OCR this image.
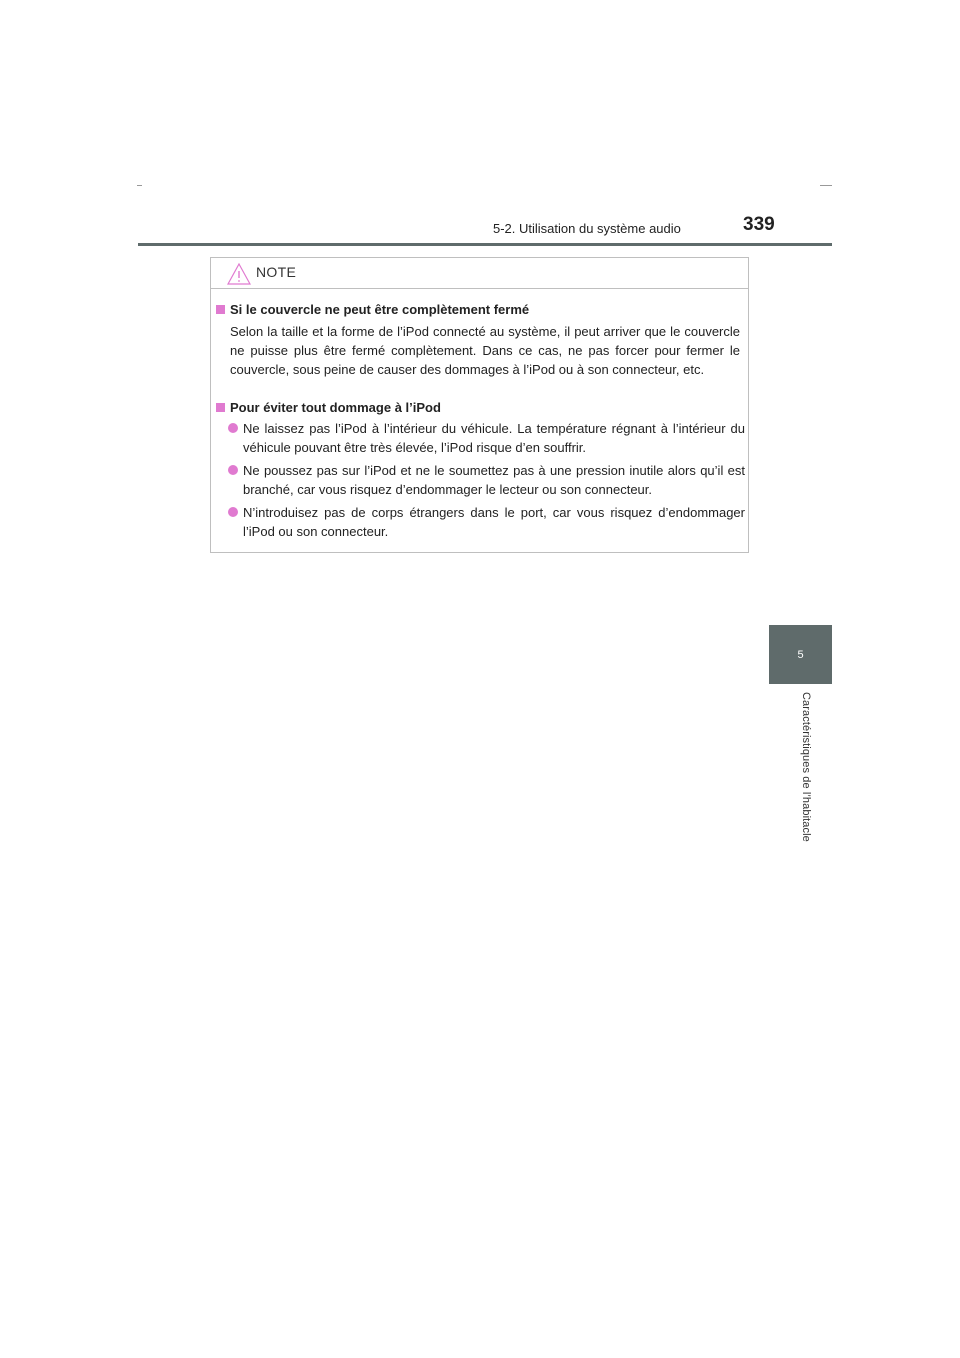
5-2. Utilisation du système audio	339
5
Caractéristiques de l’habitacle
NOTE
Si le couvercle ne peut être complètement fermé

Selon la taille et la forme de l’iPod connecté au système, il peut arriver que le couvercle ne puisse plus être fermé complètement. Dans ce cas, ne pas forcer pour fermer le couvercle, sous peine de causer des dommages à l’iPod ou à son connecteur, etc.

Pour éviter tout dommage à l’iPod
Ne laissez pas l’iPod à l’intérieur du véhicule. La température régnant à l’intérieur du véhicule pouvant être très élevée, l’iPod risque d’en souffrir.
Ne poussez pas sur l’iPod et ne le soumettez pas à une pression inutile alors qu’il est branché, car vous risquez d’endommager le lecteur ou son connecteur.
N’introduisez pas de corps étrangers dans le port, car vous risquez d’endommager l’iPod ou son connecteur.
